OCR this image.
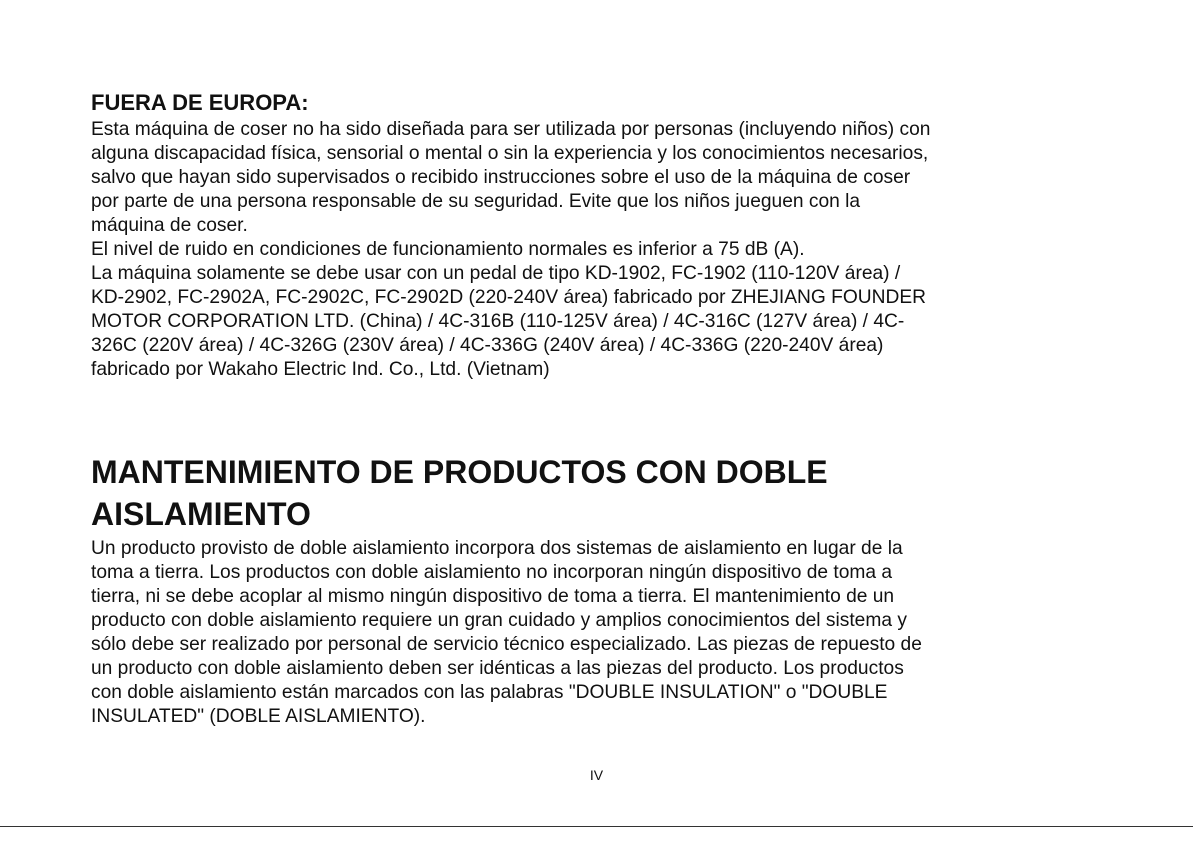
FUERA DE EUROPA:

Esta máquina de coser no ha sido diseñada para ser utilizada por personas (incluyendo niños) con

alguna discapacidad física, sensorial o mental o sin la experiencia y los conocimientos necesarios,

salvo que hayan sido supervisados o recibido instrucciones sobre el uso de la máquina de coser

por parte de una persona responsable de su seguridad. Evite que los niños jueguen con la

máquina de coser.

El nivel de ruido en condiciones de funcionamiento normales es inferior a 75 dB (A).

La máquina solamente se debe usar con un pedal de tipo KD-1902, FC-1902 (110-120V área) /

KD-2902, FC-2902A, FC-2902C, FC-2902D (220-240V área) fabricado por ZHEJIANG FOUNDER

MOTOR CORPORATION LTD. (China) / 4C-316B (110-125V área) / 4C-316C (127V área) / 4C-

326C (220V área) / 4C-326G (230V área) / 4C-336G (240V área) / 4C-336G (220-240V área)

fabricado por Wakaho Electric Ind. Co., Ltd. (Vietnam)

MANTENIMIENTO DE PRODUCTOS CON DOBLE
AISLAMIENTO

Un producto provisto de doble aislamiento incorpora dos sistemas de aislamiento en lugar de la

toma a tierra. Los productos con doble aislamiento no incorporan ningún dispositivo de toma a

tierra, ni se debe acoplar al mismo ningún dispositivo de toma a tierra. El mantenimiento de un

producto con doble aislamiento requiere un gran cuidado y amplios conocimientos del sistema y

sólo debe ser realizado por personal de servicio técnico especializado. Las piezas de repuesto de

un producto con doble aislamiento deben ser idénticas a las piezas del producto. Los productos

con doble aislamiento están marcados con las palabras "DOUBLE INSULATION" o "DOUBLE

INSULATED" (DOBLE AISLAMIENTO).

IV
